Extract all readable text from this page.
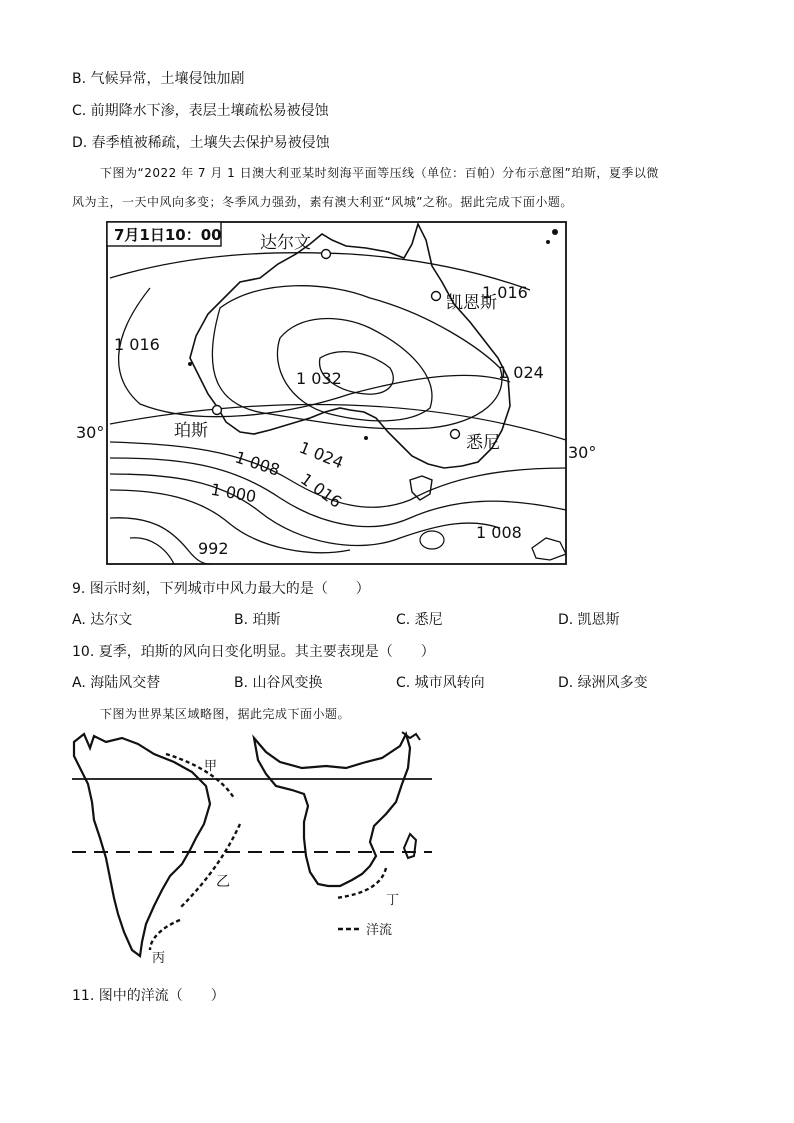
B. 气候异常，土壤侵蚀加剧
C. 前期降水下渗，表层土壤疏松易被侵蚀
D. 春季植被稀疏，土壤失去保护易被侵蚀
下图为“2022 年 7 月 1 日澳大利亚某时刻海平面等压线（单位：百帕）分布示意图”珀斯，夏季以微
风为主，一天中风向多变；冬季风力强劲，素有澳大利亚“风城”之称。据此完成下面小题。
7月1日10：00 达尔文
凯恩斯
珀斯
悉尼
1 016
1 016
1 024
1 032
1 024
1 008
1 016
1 000
992
1 008
30°
30°
9. 图示时刻，下列城市中风力最大的是（　　）
A. 达尔文	B. 珀斯	C. 悉尼	D. 凯恩斯
10. 夏季，珀斯的风向日变化明显。其主要表现是（　　）
A. 海陆风交替	B. 山谷风变换	C. 城市风转向	D. 绿洲风多变
下图为世界某区域略图，据此完成下面小题。
甲
乙
丙
丁
洋流
11. 图中的洋流（　　）
